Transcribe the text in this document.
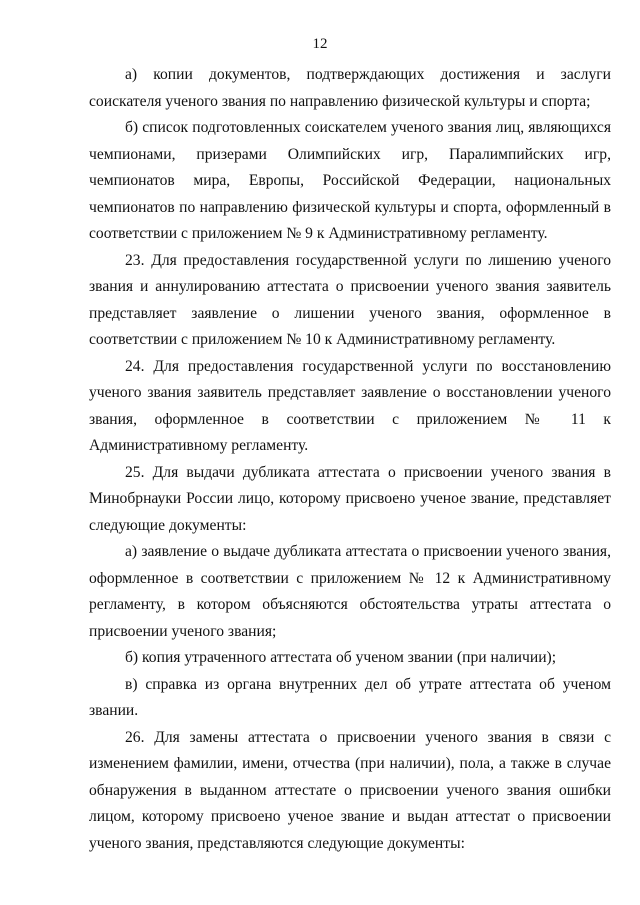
12

а) копии документов, подтверждающих достижения и заслуги соискателя ученого звания по направлению физической культуры и спорта;

б) список подготовленных соискателем ученого звания лиц, являющихся чемпионами, призерами Олимпийских игр, Паралимпийских игр, чемпионатов мира, Европы, Российской Федерации, национальных чемпионатов по направлению физической культуры и спорта, оформленный в соответствии с приложением № 9 к Административному регламенту.

23. Для предоставления государственной услуги по лишению ученого звания и аннулированию аттестата о присвоении ученого звания заявитель представляет заявление о лишении ученого звания, оформленное в соответствии с приложением № 10 к Административному регламенту.

24. Для предоставления государственной услуги по восстановлению ученого звания заявитель представляет заявление о восстановлении ученого звания, оформленное в соответствии с приложением № 11 к Административному регламенту.

25. Для выдачи дубликата аттестата о присвоении ученого звания в Минобрнауки России лицо, которому присвоено ученое звание, представляет следующие документы:

а) заявление о выдаче дубликата аттестата о присвоении ученого звания, оформленное в соответствии с приложением № 12 к Административному регламенту, в котором объясняются обстоятельства утраты аттестата о присвоении ученого звания;

б) копия утраченного аттестата об ученом звании (при наличии);

в) справка из органа внутренних дел об утрате аттестата об ученом звании.

26. Для замены аттестата о присвоении ученого звания в связи с изменением фамилии, имени, отчества (при наличии), пола, а также в случае обнаружения в выданном аттестате о присвоении ученого звания ошибки лицом, которому присвоено ученое звание и выдан аттестат о присвоении ученого звания, представляются следующие документы:
